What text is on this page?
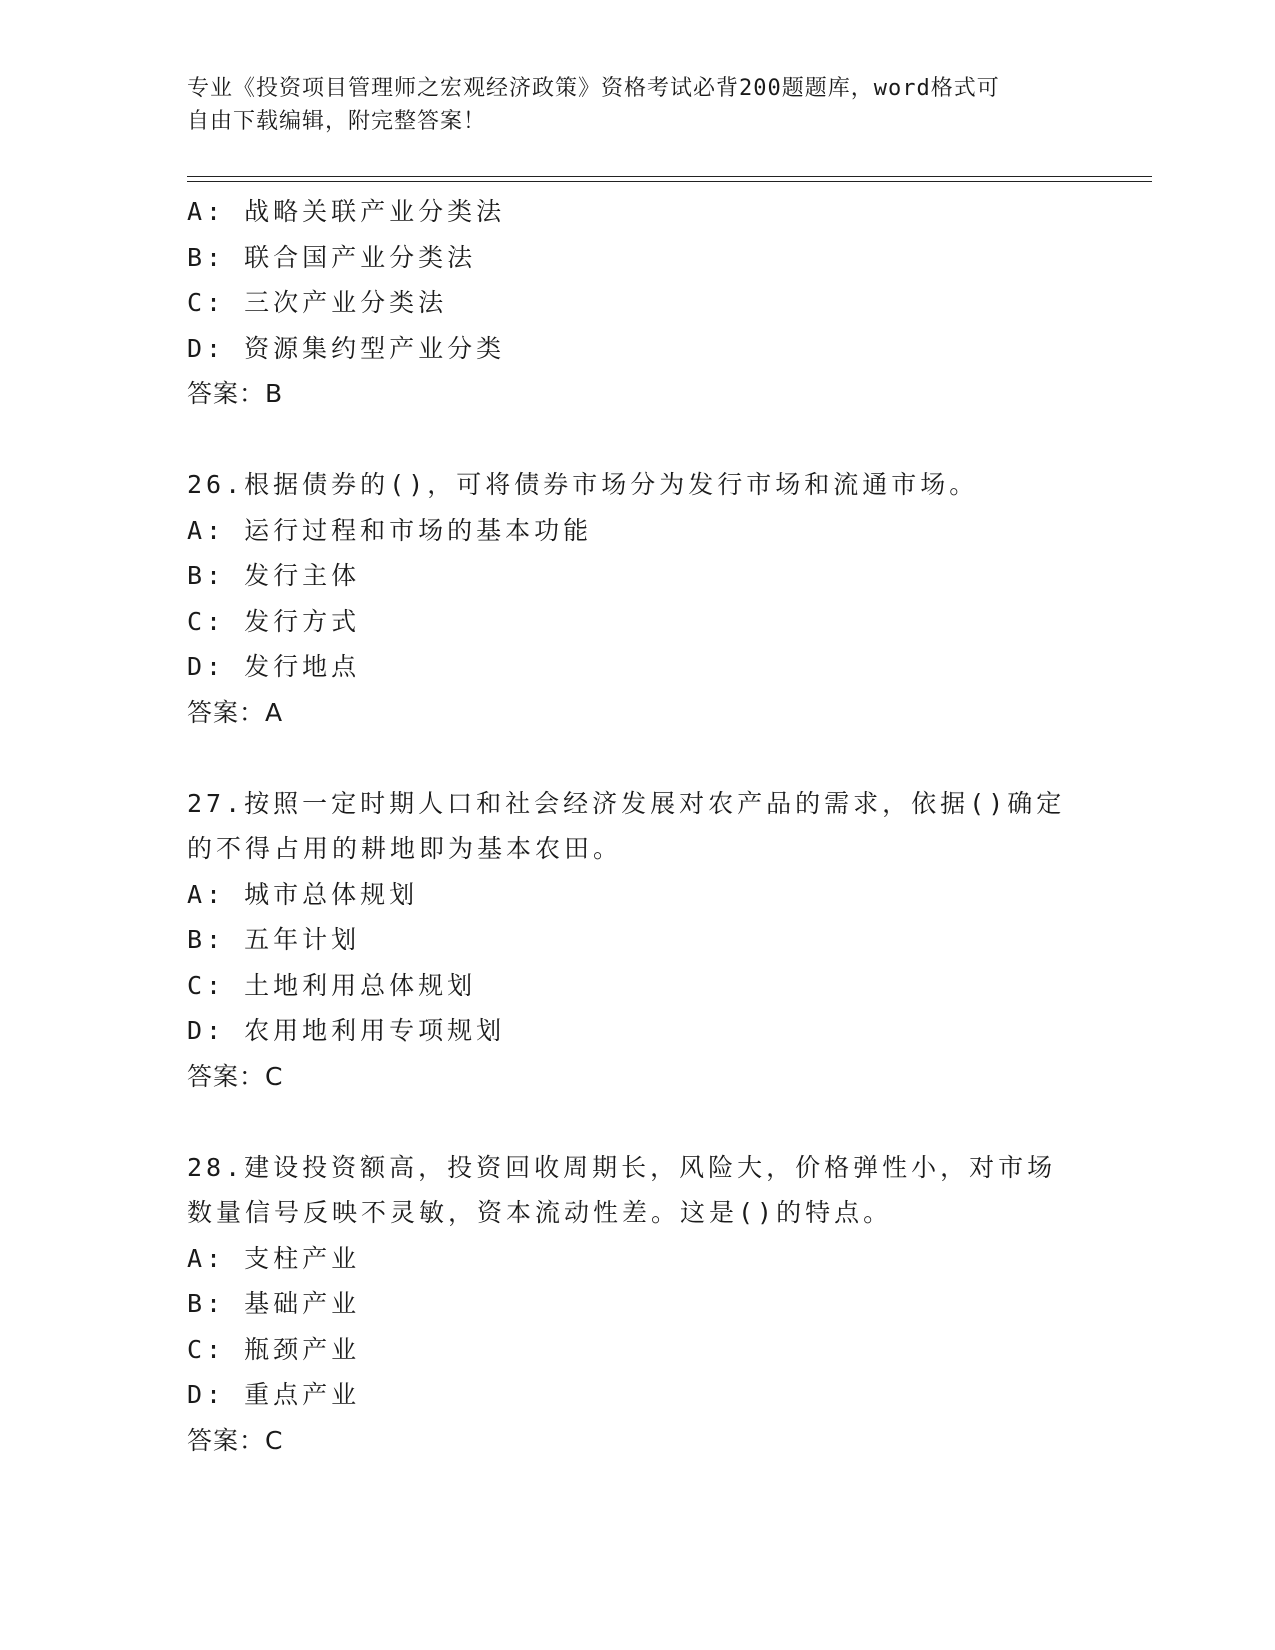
专业《投资项目管理师之宏观经济政策》资格考试必背200题题库，word格式可
自由下载编辑，附完整答案！
A: 战略关联产业分类法
B: 联合国产业分类法
C: 三次产业分类法
D: 资源集约型产业分类
答案：B
26.根据债券的()，可将债券市场分为发行市场和流通市场。
A: 运行过程和市场的基本功能
B: 发行主体
C: 发行方式
D: 发行地点
答案：A
27.按照一定时期人口和社会经济发展对农产品的需求，依据()确定的不得占用的耕地即为基本农田。
A: 城市总体规划
B: 五年计划
C: 土地利用总体规划
D: 农用地利用专项规划
答案：C
28.建设投资额高，投资回收周期长，风险大，价格弹性小，对市场数量信号反映不灵敏，资本流动性差。这是()的特点。
A: 支柱产业
B: 基础产业
C: 瓶颈产业
D: 重点产业
答案：C
